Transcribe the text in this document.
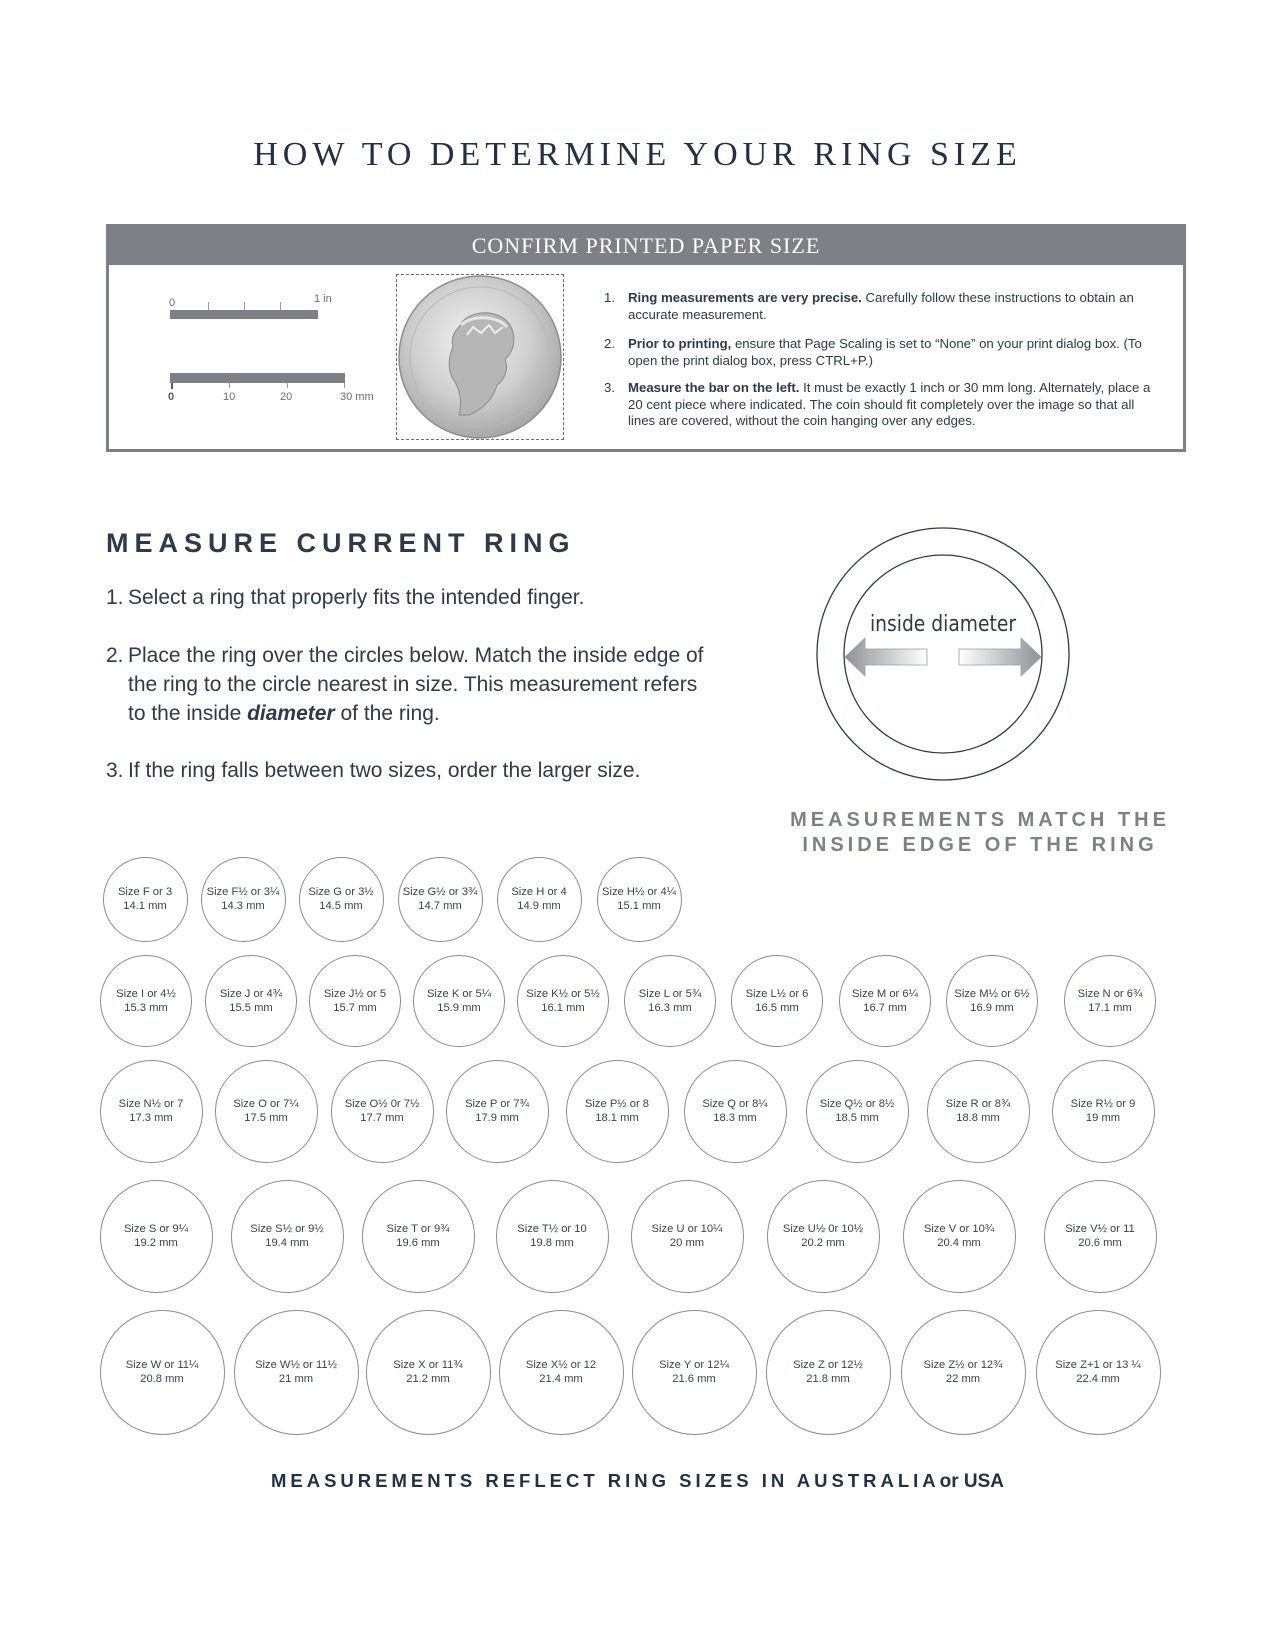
HOW TO DETERMINE YOUR RING SIZE
CONFIRM PRINTED PAPER SIZE
0	1 in
0	10	20	30 mm
1. Ring measurements are very precise. Carefully follow these instructions to obtain an accurate measurement.
2. Prior to printing, ensure that Page Scaling is set to “None” on your print dialog box. (To open the print dialog box, press CTRL+P.)
3. Measure the bar on the left. It must be exactly 1 inch or 30 mm long. Alternately, place a 20 cent piece where indicated. The coin should fit completely over the image so that all lines are covered, without the coin hanging over any edges.
MEASURE CURRENT RING
1. Select a ring that properly fits the intended finger.
2. Place the ring over the circles below. Match the inside edge of the ring to the circle nearest in size. This measurement refers to the inside diameter of the ring.
3. If the ring falls between two sizes, order the larger size.
inside diameter
MEASUREMENTS MATCH THE
INSIDE EDGE OF THE RING
Size F or 3
14.1 mm
Size F½ or 3¼
14.3 mm
Size G or 3½
14.5 mm
Size G½ or 3¾
14.7 mm
Size H or 4
14.9 mm
Size H½ or 4¼
15.1 mm
Size I or 4½
15.3 mm
Size J or 4¾
15.5 mm
Size J½ or 5
15.7 mm
Size K or 5¼
15.9 mm
Size K½ or 5½
16.1 mm
Size L or 5¾
16.3 mm
Size L½ or 6
16.5 mm
Size M or 6¼
16.7 mm
Size M½ or 6½
16.9 mm
Size N or 6¾
17.1 mm
Size N½ or 7
17.3 mm
Size O or 7¼
17.5 mm
Size O½ 0r 7½
17.7 mm
Size P or 7¾
17.9 mm
Size P½ or 8
18.1 mm
Size Q or 8¼
18.3 mm
Size Q½ or 8½
18.5 mm
Size R or 8¾
18.8 mm
Size R½ or 9
19 mm
Size S or 9¼
19.2 mm
Size S½ or 9½
19.4 mm
Size T or 9¾
19.6 mm
Size T½ or 10
19.8 mm
Size U or 10¼
20 mm
Size U½ 0r 10½
20.2 mm
Size V or 10¾
20.4 mm
Size V½ or 11
20.6 mm
Size W or 11¼
20.8 mm
Size W½ or 11½
21 mm
Size X or 11¾
21.2 mm
Size X½ or 12
21.4 mm
Size Y or 12¼
21.6 mm
Size Z or 12½
21.8 mm
Size Z½ or 12¾
22 mm
Size Z+1 or 13 ¼
22.4 mm
MEASUREMENTS REFLECT RING SIZES IN AUSTRALIAor USA
